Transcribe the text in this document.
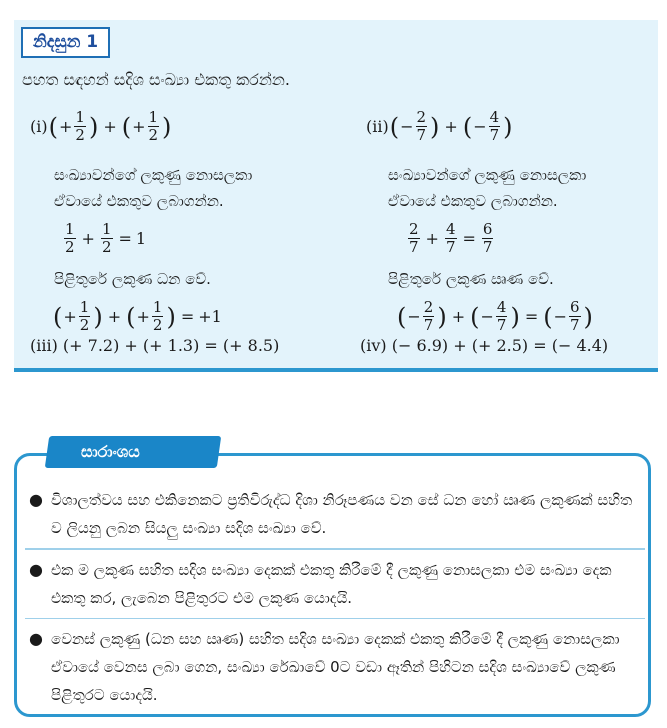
නිදසුන 1
පහත සඳහන් සදිශ සංඛ්‍යා එකතු කරන්න.
(i) ( + $\frac{1}{2}$ ) + ( + $\frac{1}{2}$ )
සංඛ්‍යාවන්ගේ ලකුණු නොසලකා
ඒවායේ එකතුව ලබාගන්න.
$\frac{1}{2} + \frac{1}{2} = 1$
පිළිතුරේ ලකුණ ධන වේ.
( + $\frac{1}{2}$ ) + ( + $\frac{1}{2}$ ) = +1
(ii) ( − $\frac{2}{7}$ ) + ( − $\frac{4}{7}$ )
සංඛ්‍යාවන්ගේ ලකුණු නොසලකා
ඒවායේ එකතුව ලබාගන්න.
$\frac{2}{7} + \frac{4}{7} = \frac{6}{7}$
පිළිතුරේ ලකුණ ඍණ වේ.
( − $\frac{2}{7}$ ) + ( − $\frac{4}{7}$ ) = ( − $\frac{6}{7}$ )
(iii) (+ 7.2) + (+ 1.3) = (+ 8.5)	(iv) (− 6.9) + (+ 2.5) = (− 4.4)
සාරාංශය
● විශාලත්වය සහ එකිනෙකට ප්‍රතිවිරුද්ධ දිශා නිරූපණය වන සේ ධන හෝ ඍණ ලකුණක් සහිත ව ලියනු ලබන සියලු සංඛ්‍යා සදිශ සංඛ්‍යා වේ.
● එක ම ලකුණ සහිත සදිශ සංඛ්‍යා දෙකක් එකතු කිරීමේ දී ලකුණු නොසලකා එම සංඛ්‍යා දෙක එකතු කර, ලැබෙන පිළිතුරට එම ලකුණ යොදයි.
● වෙනස් ලකුණු (ධන සහ ඍණ) සහිත සදිශ සංඛ්‍යා දෙකක් එකතු කිරීමේ දී ලකුණු නොසලකා ඒවායේ වෙනස ලබා ගෙන, සංඛ්‍යා රේඛාවේ 0ට වඩා ඈතින් පිහිටන සදිශ සංඛ්‍යාවේ ලකුණ පිළිතුරට යොදයි.
